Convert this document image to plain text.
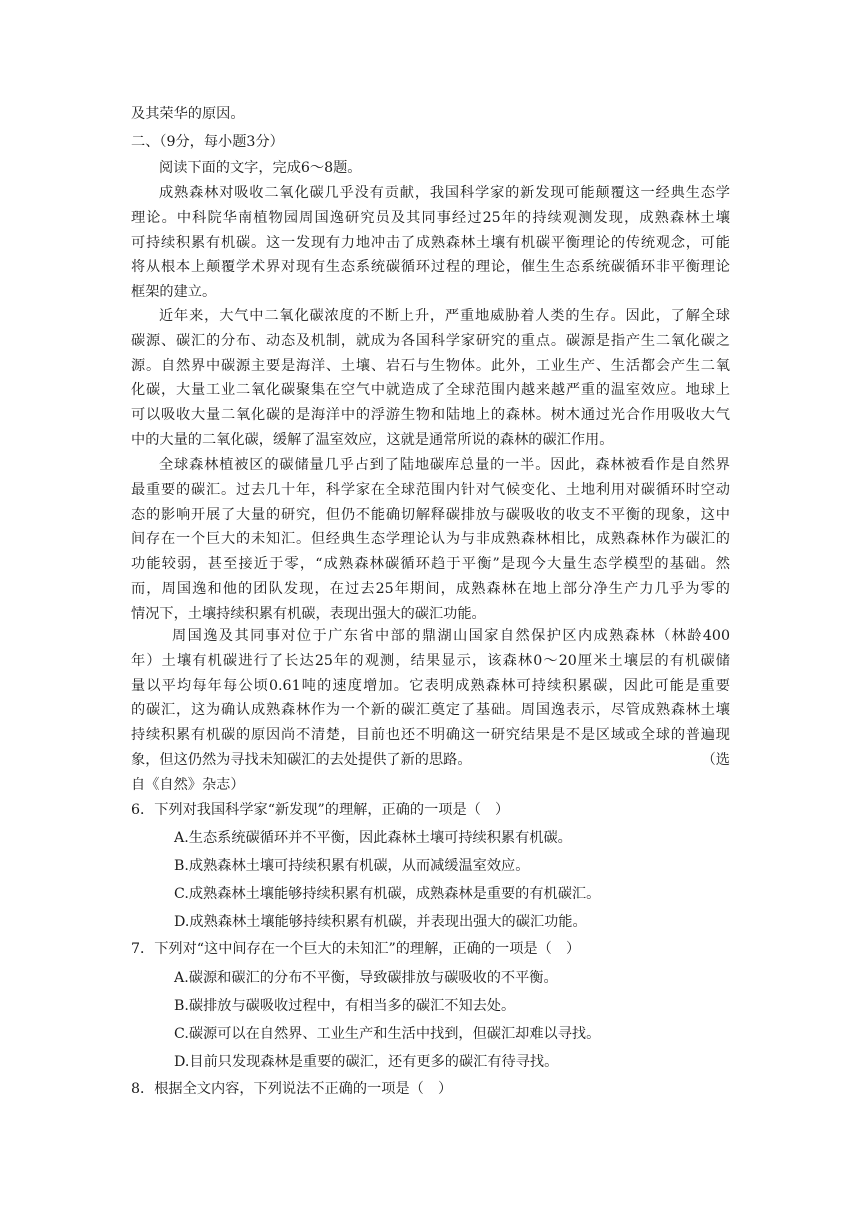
及其荣华的原因。
二、（9分，每小题3分）
阅读下面的文字，完成6～8题。
成熟森林对吸收二氧化碳几乎没有贡献，我国科学家的新发现可能颠覆这一经典生态学
理论。中科院华南植物园周国逸研究员及其同事经过25年的持续观测发现，成熟森林土壤
可持续积累有机碳。这一发现有力地冲击了成熟森林土壤有机碳平衡理论的传统观念，可能
将从根本上颠覆学术界对现有生态系统碳循环过程的理论，催生生态系统碳循环非平衡理论
框架的建立。
近年来，大气中二氧化碳浓度的不断上升，严重地威胁着人类的生存。因此，了解全球
碳源、碳汇的分布、动态及机制，就成为各国科学家研究的重点。碳源是指产生二氧化碳之
源。自然界中碳源主要是海洋、土壤、岩石与生物体。此外，工业生产、生活都会产生二氧
化碳，大量工业二氧化碳聚集在空气中就造成了全球范围内越来越严重的温室效应。地球上
可以吸收大量二氧化碳的是海洋中的浮游生物和陆地上的森林。树木通过光合作用吸收大气
中的大量的二氧化碳，缓解了温室效应，这就是通常所说的森林的碳汇作用。
全球森林植被区的碳储量几乎占到了陆地碳库总量的一半。因此，森林被看作是自然界
最重要的碳汇。过去几十年，科学家在全球范围内针对气候变化、土地利用对碳循环时空动
态的影响开展了大量的研究，但仍不能确切解释碳排放与碳吸收的收支不平衡的现象，这中
间存在一个巨大的未知汇。但经典生态学理论认为与非成熟森林相比，成熟森林作为碳汇的
功能较弱，甚至接近于零，“成熟森林碳循环趋于平衡”是现今大量生态学模型的基础。然
而，周国逸和他的团队发现，在过去25年期间，成熟森林在地上部分净生产力几乎为零的
情况下，土壤持续积累有机碳，表现出强大的碳汇功能。
周国逸及其同事对位于广东省中部的鼎湖山国家自然保护区内成熟森林（林龄400
年）土壤有机碳进行了长达25年的观测，结果显示，该森林0～20厘米土壤层的有机碳储
量以平均每年每公顷0.61吨的速度增加。它表明成熟森林可持续积累碳，因此可能是重要
的碳汇，这为确认成熟森林作为一个新的碳汇奠定了基础。周国逸表示，尽管成熟森林土壤
持续积累有机碳的原因尚不清楚，目前也还不明确这一研究结果是不是区域或全球的普遍现
象，但这仍然为寻找未知碳汇的去处提供了新的思路。	（选
自《自然》杂志）
6．下列对我国科学家“新发现”的理解，正确的一项是（　）
A.生态系统碳循环并不平衡，因此森林土壤可持续积累有机碳。
B.成熟森林土壤可持续积累有机碳，从而减缓温室效应。
C.成熟森林土壤能够持续积累有机碳，成熟森林是重要的有机碳汇。
D.成熟森林土壤能够持续积累有机碳，并表现出强大的碳汇功能。
7．下列对“这中间存在一个巨大的未知汇”的理解，正确的一项是（　）
A.碳源和碳汇的分布不平衡，导致碳排放与碳吸收的不平衡。
B.碳排放与碳吸收过程中，有相当多的碳汇不知去处。
C.碳源可以在自然界、工业生产和生活中找到，但碳汇却难以寻找。
D.目前只发现森林是重要的碳汇，还有更多的碳汇有待寻找。
8．根据全文内容，下列说法不正确的一项是（　）
